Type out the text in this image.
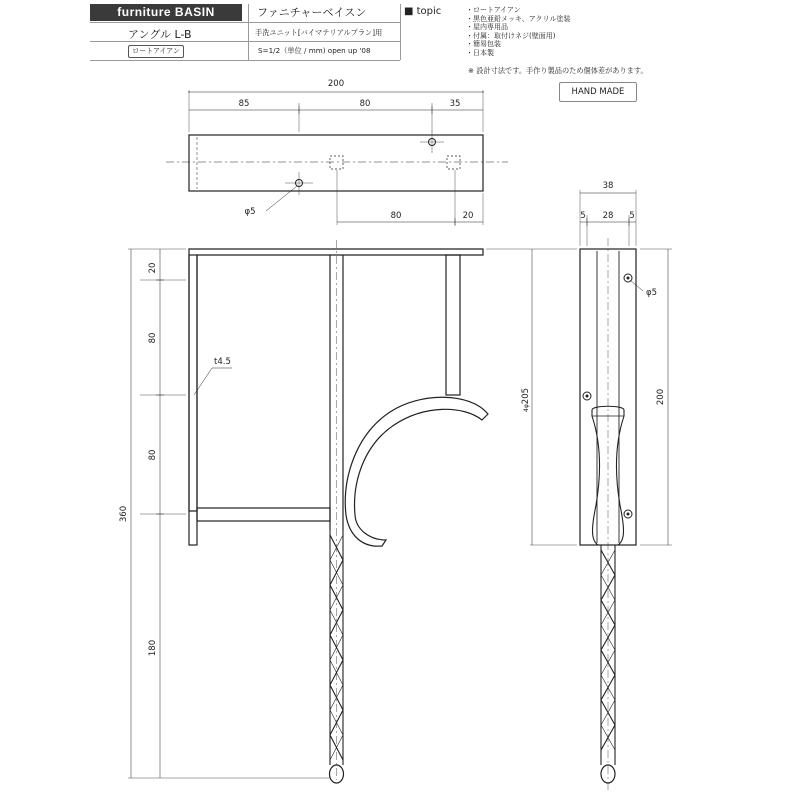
furniture BASIN	ファニチャーベイスン	■ topic	・ロートアイアン
・黒色亜鉛メッキ、アクリル塗装
・屋内専用品
・付属：取付けネジ(壁面用)
・簡易包装
・日本製
アングル L-B	手洗ユニット[バイマテリアルプラン]用
S=1/2（単位 / mm) open up '08
ロートアイアン
※ 設計寸法です。手作り製品のため個体差があります。
HAND MADE
200
85	80	35
φ5	80	20
38
5 28 5
φ5
t4.5
20
80
80
360
180
4φ205	200
